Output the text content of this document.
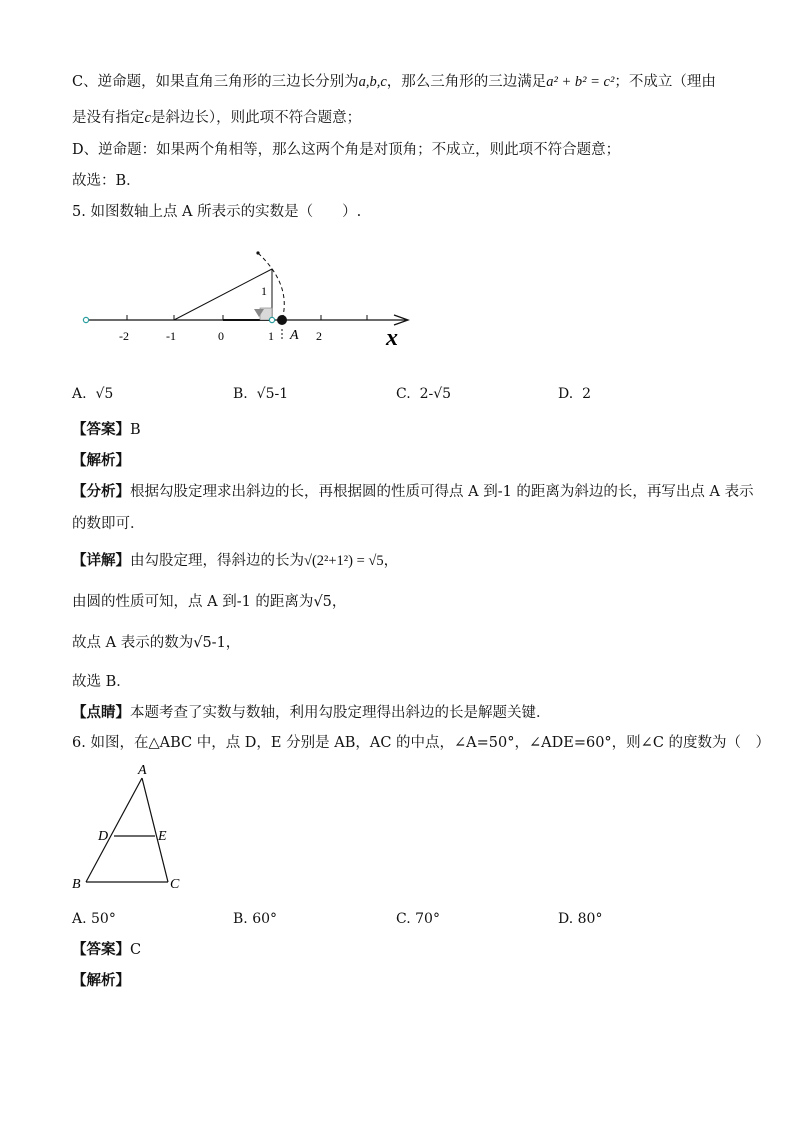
C、逆命题，如果直角三角形的三边长分别为a,b,c，那么三角形的三边满足a² + b² = c²；不成立（理由
是没有指定c是斜边长），则此项不符合题意；
D、逆命题：如果两个角相等，那么这两个角是对顶角；不成立，则此项不符合题意；
故选：B．
5. 如图数轴上点 A 所表示的实数是（　　）.
1
-2	-1	0	1	2
A	x
A. √5	B. √5-1	C. 2-√5	D. 2
【答案】B
【解析】
【分析】根据勾股定理求出斜边的长，再根据圆的性质可得点 A 到-1 的距离为斜边的长，再写出点 A 表示
的数即可．
【详解】由勾股定理，得斜边的长为√(2²+1²) = √5，
由圆的性质可知，点 A 到-1 的距离为√5，
故点 A 表示的数为√5-1，
故选 B．
【点睛】本题考查了实数与数轴，利用勾股定理得出斜边的长是解题关键．
6. 如图，在△ABC 中，点 D，E 分别是 AB，AC 的中点，∠A=50°，∠ADE=60°，则∠C 的度数为（　）
A
D	E
B	C
A. 50°	B. 60°	C. 70°	D. 80°
【答案】C
【解析】
